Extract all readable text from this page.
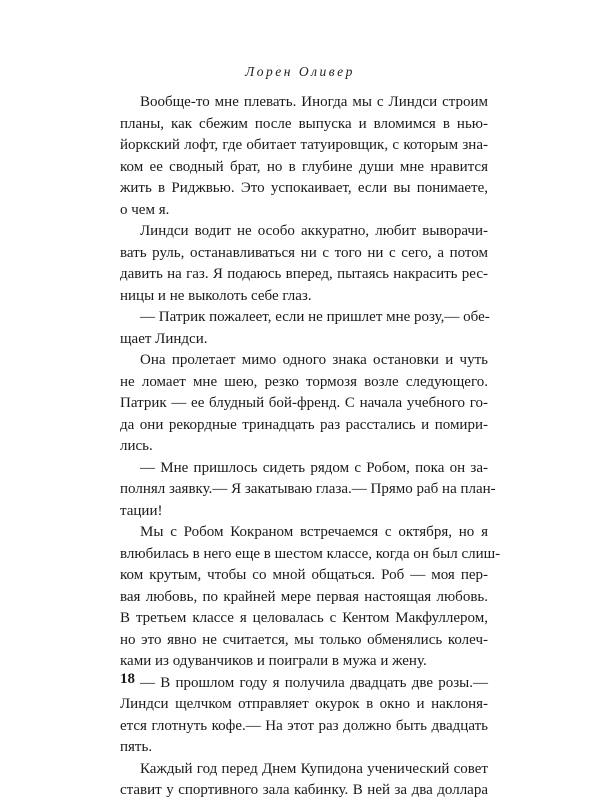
Лорен Оливер
Вообще-то мне плевать. Иногда мы с Линдси строим
планы, как сбежим после выпуска и вломимся в нью-
йоркский лофт, где обитает татуировщик, с которым зна-
ком ее сводный брат, но в глубине души мне нравится
жить в Риджвью. Это успокаивает, если вы понимаете,
о чем я.
Линдси водит не особо аккуратно, любит выворачи-
вать руль, останавливаться ни с того ни с сего, а потом
давить на газ. Я подаюсь вперед, пытаясь накрасить рес-
ницы и не выколоть себе глаз.
— Патрик пожалеет, если не пришлет мне розу,— обе-
щает Линдси.
Она пролетает мимо одного знака остановки и чуть
не ломает мне шею, резко тормозя возле следующего.
Патрик — ее блудный бой-френд. С начала учебного го-
да они рекордные тринадцать раз расстались и помири-
лись.
— Мне пришлось сидеть рядом с Робом, пока он за-
полнял заявку.— Я закатываю глаза.— Прямо раб на план-
тации!
Мы с Робом Кокраном встречаемся с октября, но я
влюбилась в него еще в шестом классе, когда он был слиш-
ком крутым, чтобы со мной общаться. Роб — моя пер-
вая любовь, по крайней мере первая настоящая любовь.
В третьем классе я целовалась с Кентом Макфуллером,
но это явно не считается, мы только обменялись колеч-
ками из одуванчиков и поиграли в мужа и жену.
— В прошлом году я получила двадцать две розы.—
Линдси щелчком отправляет окурок в окно и наклоня-
ется глотнуть кофе.— На этот раз должно быть двадцать
пять.
Каждый год перед Днем Купидона ученический совет
ставит у спортивного зала кабинку. В ней за два доллара
18
